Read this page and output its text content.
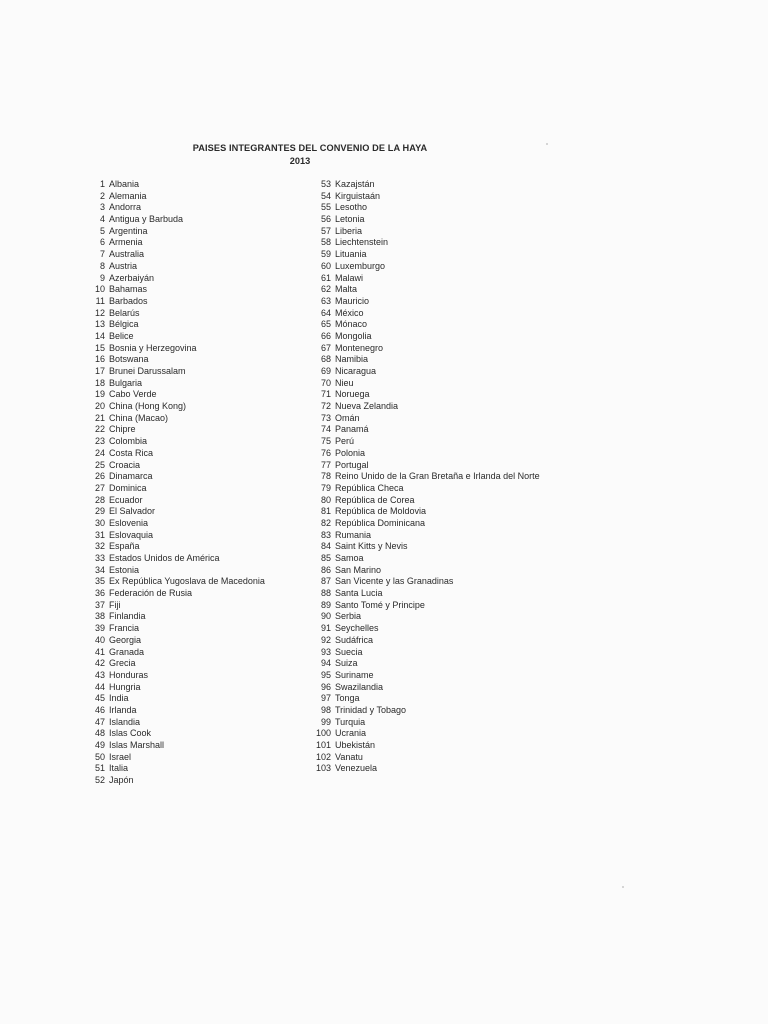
PAISES INTEGRANTES DEL CONVENIO DE LA HAYA
2013
1 Albania
2 Alemania
3 Andorra
4 Antigua y Barbuda
5 Argentina
6 Armenia
7 Australia
8 Austria
9 Azerbaiyán
10 Bahamas
11 Barbados
12 Belarús
13 Bélgica
14 Belice
15 Bosnia y Herzegovina
16 Botswana
17 Brunei Darussalam
18 Bulgaria
19 Cabo Verde
20 China (Hong Kong)
21 China (Macao)
22 Chipre
23 Colombia
24 Costa Rica
25 Croacia
26 Dinamarca
27 Dominica
28 Ecuador
29 El Salvador
30 Eslovenia
31 Eslovaquia
32 España
33 Estados Unidos de América
34 Estonia
35 Ex República Yugoslava de Macedonia
36 Federación de Rusia
37 Fiji
38 Finlandia
39 Francia
40 Georgia
41 Granada
42 Grecia
43 Honduras
44 Hungria
45 India
46 Irlanda
47 Islandia
48 Islas Cook
49 Islas Marshall
50 Israel
51 Italia
52 Japón
53 Kazajstán
54 Kirguistaán
55 Lesotho
56 Letonia
57 Liberia
58 Liechtenstein
59 Lituania
60 Luxemburgo
61 Malawi
62 Malta
63 Mauricio
64 México
65 Mónaco
66 Mongolia
67 Montenegro
68 Namibia
69 Nicaragua
70 Nieu
71 Noruega
72 Nueva Zelandia
73 Omán
74 Panamá
75 Perú
76 Polonia
77 Portugal
78 Reino Unido de la Gran Bretaña e Irlanda del Norte
79 República Checa
80 República de Corea
81 República de Moldovia
82 República Dominicana
83 Rumania
84 Saint Kitts y Nevis
85 Samoa
86 San Marino
87 San Vicente y las Granadinas
88 Santa Lucia
89 Santo Tomé y Principe
90 Serbia
91 Seychelles
92 Sudáfrica
93 Suecia
94 Suiza
95 Suriname
96 Swazilandia
97 Tonga
98 Trinidad y Tobago
99 Turquia
100 Ucrania
101 Ubekistán
102 Vanatu
103 Venezuela
